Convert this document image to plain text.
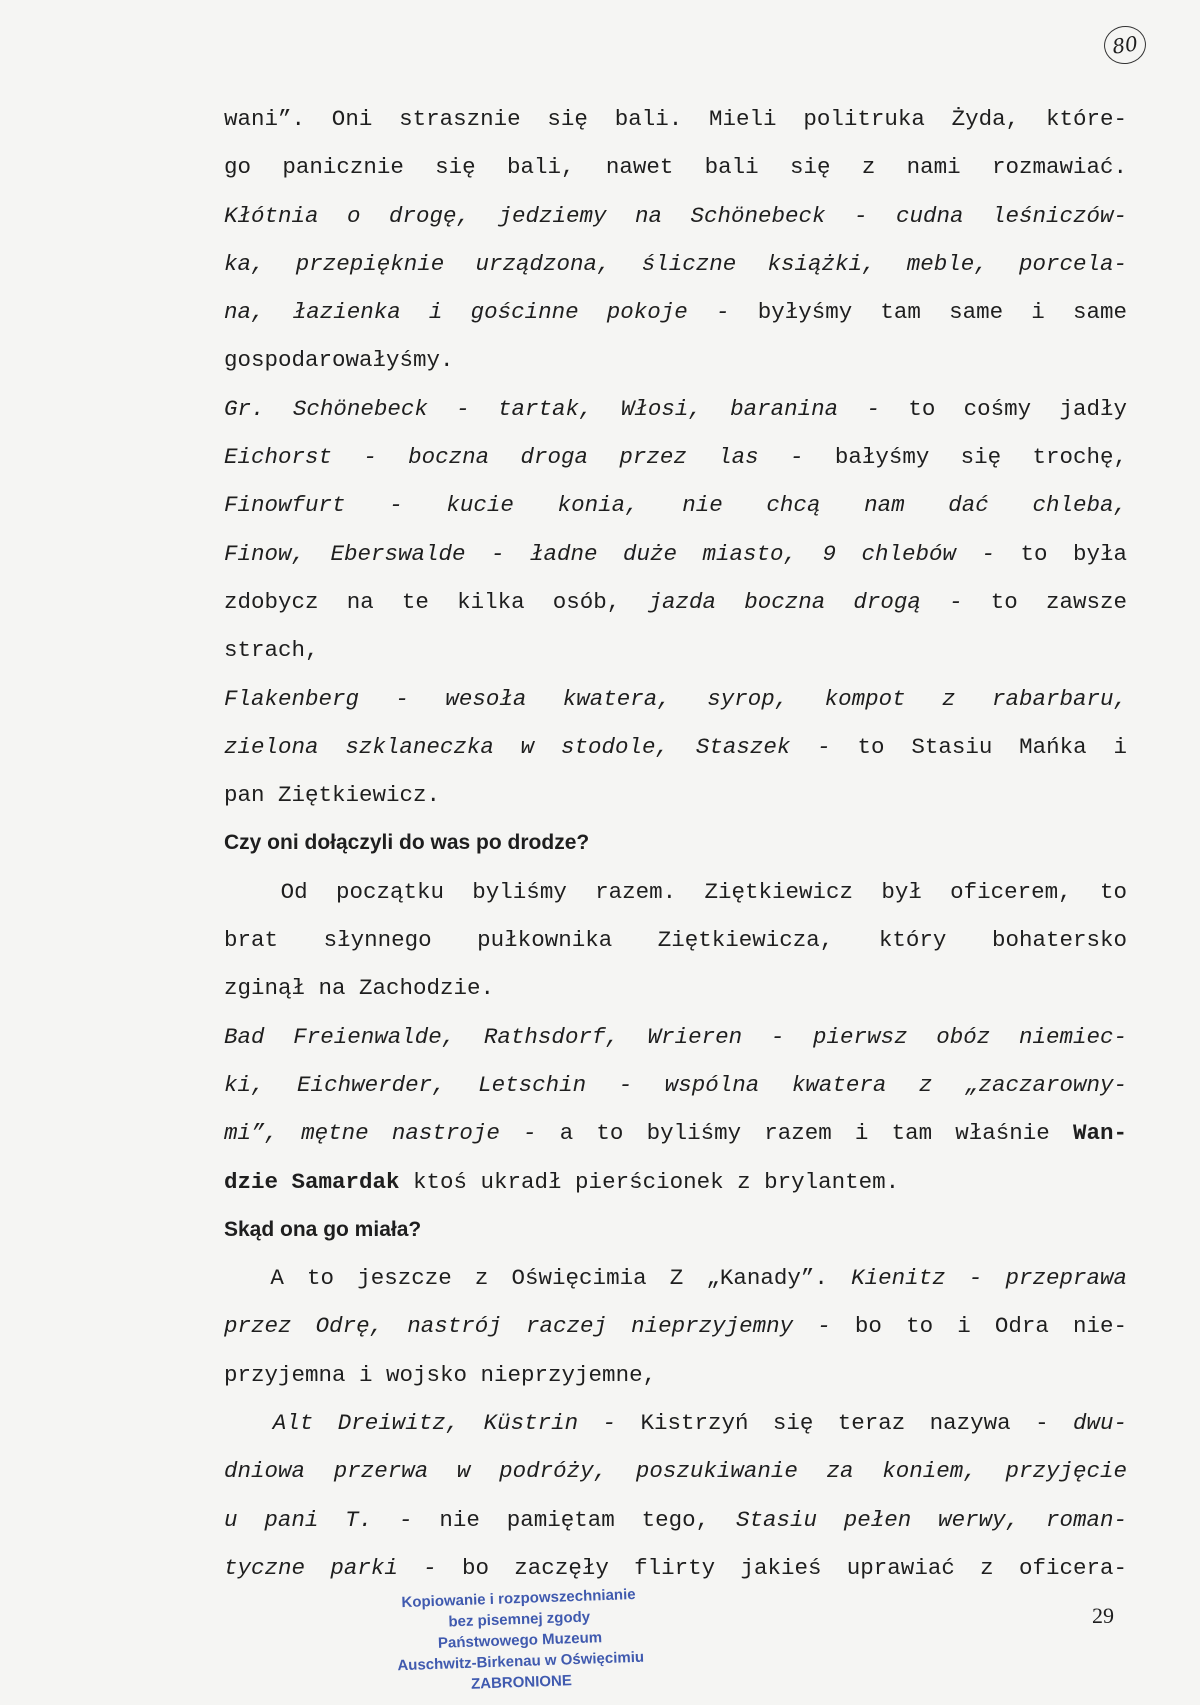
80
wani”. Oni strasznie się bali. Mieli politruka Żyda, które-
go panicznie się bali, nawet bali się z nami rozmawiać.
Kłótnia o drogę, jedziemy na Schönebeck - cudna leśniczów-
ka, przepięknie urządzona, śliczne książki, meble, porcela-
na, łazienka i gościnne pokoje - byłyśmy tam same i same
gospodarowałyśmy.
Gr. Schönebeck - tartak, Włosi, baranina - to cośmy jadły
Eichorst - boczna droga przez las - bałyśmy się trochę,
Finowfurt - kucie konia, nie chcą nam dać chleba,
Finow, Eberswalde - ładne duże miasto, 9 chlebów - to była
zdobycz na te kilka osób, jazda boczna drogą - to zawsze
strach,
Flakenberg - wesoła kwatera, syrop, kompot z rabarbaru,
zielona szklaneczka w stodole, Staszek - to Stasiu Mańka i
pan Ziętkiewicz.
Czy oni dołączyli do was po drodze?
Od początku byliśmy razem. Ziętkiewicz był oficerem, to
brat słynnego pułkownika Ziętkiewicza, który bohatersko
zginął na Zachodzie.
Bad Freienwalde, Rathsdorf, Wrieren - pierwsz obóz niemiec-
ki, Eichwerder, Letschin - wspólna kwatera z „zaczarowny-
mi”, mętne nastroje - a to byliśmy razem i tam właśnie Wan-
dzie Samardak ktoś ukradł pierścionek z brylantem.
Skąd ona go miała?
A to jeszcze z Oświęcimia Z „Kanady”. Kienitz - przeprawa
przez Odrę, nastrój raczej nieprzyjemny - bo to i Odra nie-
przyjemna i wojsko nieprzyjemne,
Alt Dreiwitz, Küstrin - Kistrzyń się teraz nazywa - dwu-
dniowa przerwa w podróży, poszukiwanie za koniem, przyjęcie
u pani T. - nie pamiętam tego, Stasiu pełen werwy, roman-
tyczne parki - bo zaczęły flirty jakieś uprawiać z oficera-
29
Kopiowanie i rozpowszechnianie
bez pisemnej zgody
Państwowego Muzeum
Auschwitz-Birkenau w Oświęcimiu
ZABRONIONE
